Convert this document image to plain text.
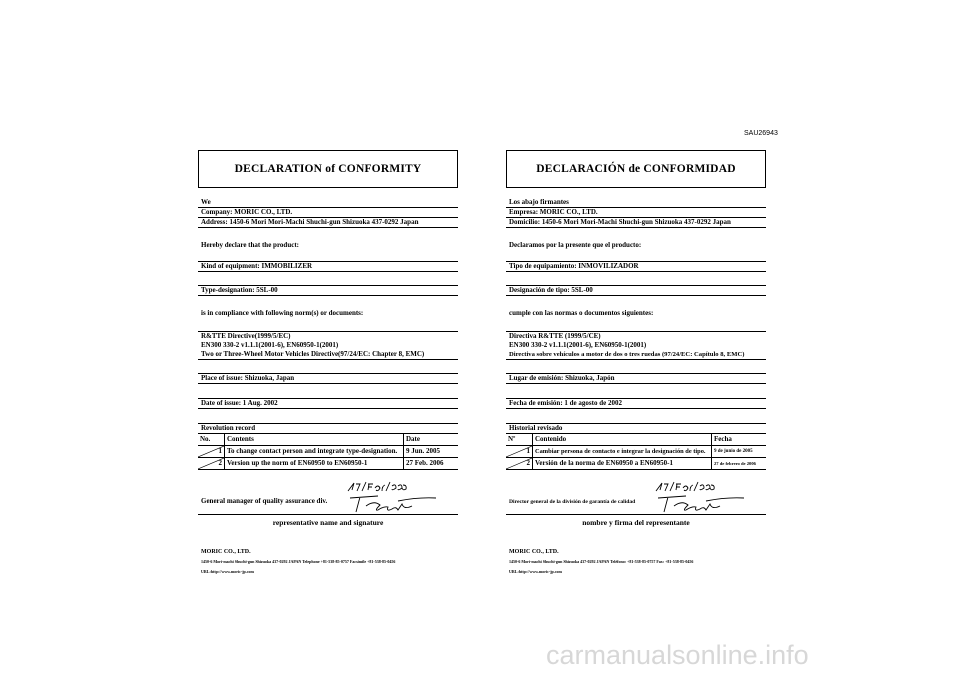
SAU26943
DECLARATION of CONFORMITY
We
Company: MORIC CO., LTD.
Address: 1450-6 Mori Mori-Machi Shuchi-gun Shizuoka 437-0292 Japan
Hereby declare that the product:
Kind of equipment: IMMOBILIZER
Type-designation: 5SL-00
is in compliance with following norm(s) or documents:
R&TTE Directive(1999/5/EC)
EN300 330-2 v1.1.1(2001-6), EN60950-1(2001)
Two or Three-Wheel Motor Vehicles Directive(97/24/EC: Chapter 8, EMC)
Place of issue: Shizuoka, Japan
Date of issue: 1 Aug. 2002
Revolution record
No.	Contents	Date

1	To change contact person and integrate type-designation.	9 Jun. 2005

2	Version up the norm of EN60950 to EN60950-1	27 Feb. 2006
General manager of quality assurance div.
representative name and signature
MORIC CO., LTD.
1450-6 Mori-machi Shuchi-gun Shizuoka 437-0292 JAPAN Telephone +81-538-85-0757 Facsimile +81-538-85-0456
URL:http://www.moric-jp.com
DECLARACIÓN de CONFORMIDAD
Los abajo firmantes
Empresa: MORIC CO., LTD.
Domicilio: 1450-6 Mori Mori-Machi Shuchi-gun Shizuoka 437-0292 Japan
Declaramos por la presente que el producto:
Tipo de equipamiento: INMOVILIZADOR
Designación de tipo: 5SL-00
cumple con las normas o documentos siguientes:
Directiva R&TTE (1999/5/CE)
EN300 330-2 v1.1.1(2001-6), EN60950-1(2001)
Directiva sobre vehículos a motor de dos o tres ruedas (97/24/EC: Capítulo 8, EMC)
Lugar de emisión: Shizuoka, Japón
Fecha de emisión: 1 de agosto de 2002
Historial revisado
Nº	Contenido	Fecha

1	Cambiar persona de contacto e integrar la designación de tipo.	9 de junio de 2005

2	Versión de la norma de EN60950 a EN60950-1	27 de febrero de 2006
Director general de la división de garantía de calidad
nombre y firma del representante
MORIC CO., LTD.
1450-6 Mori-machi Shuchi-gun Shizuoka 437-0292 JAPAN Teléfono: +81-538-85-0757 Fax: +81-538-85-0456
URL:http://www.moric-jp.com
carmanualsonline.info
